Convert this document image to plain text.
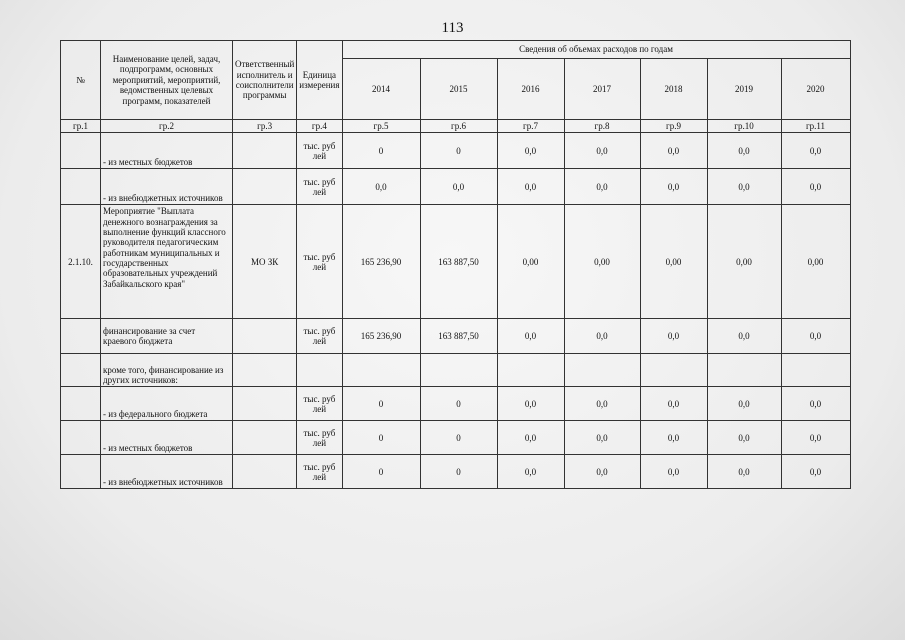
113
№	Наименование целей, задач, подпрограмм, основных мероприятий, мероприятий, ведомственных целевых программ, показателей	Ответственный исполнитель и соисполнители программы	Единица измерения	Сведения об объемах расходов по годам						
				2014	2015	2016	2017	2018	2019	2020
гр.1	гр.2	гр.3	гр.4	гр.5	гр.6	гр.7	гр.8	гр.9	гр.10	гр.11
	- из местных бюджетов		тыс. руб лей	0	0	0,0	0,0	0,0	0,0	0,0
	- из внебюджетных источников		тыс. руб лей	0,0	0,0	0,0	0,0	0,0	0,0	0,0
2.1.10.	Мероприятие "Выплата денежного вознаграждения за выполнение функций классного руководителя педагогическим работникам муниципальных и государственных образовательных учреждений Забайкальского края"	МО ЗК	тыс. руб лей	165 236,90	163 887,50	0,00	0,00	0,00	0,00	0,00
	финансирование за счет краевого бюджета		тыс. руб лей	165 236,90	163 887,50	0,0	0,0	0,0	0,0	0,0
	кроме того, финансирование из других источников:									
	- из федерального бюджета		тыс. руб лей	0	0	0,0	0,0	0,0	0,0	0,0
	- из местных бюджетов		тыс. руб лей	0	0	0,0	0,0	0,0	0,0	0,0
	- из внебюджетных источников		тыс. руб лей	0	0	0,0	0,0	0,0	0,0	0,0
